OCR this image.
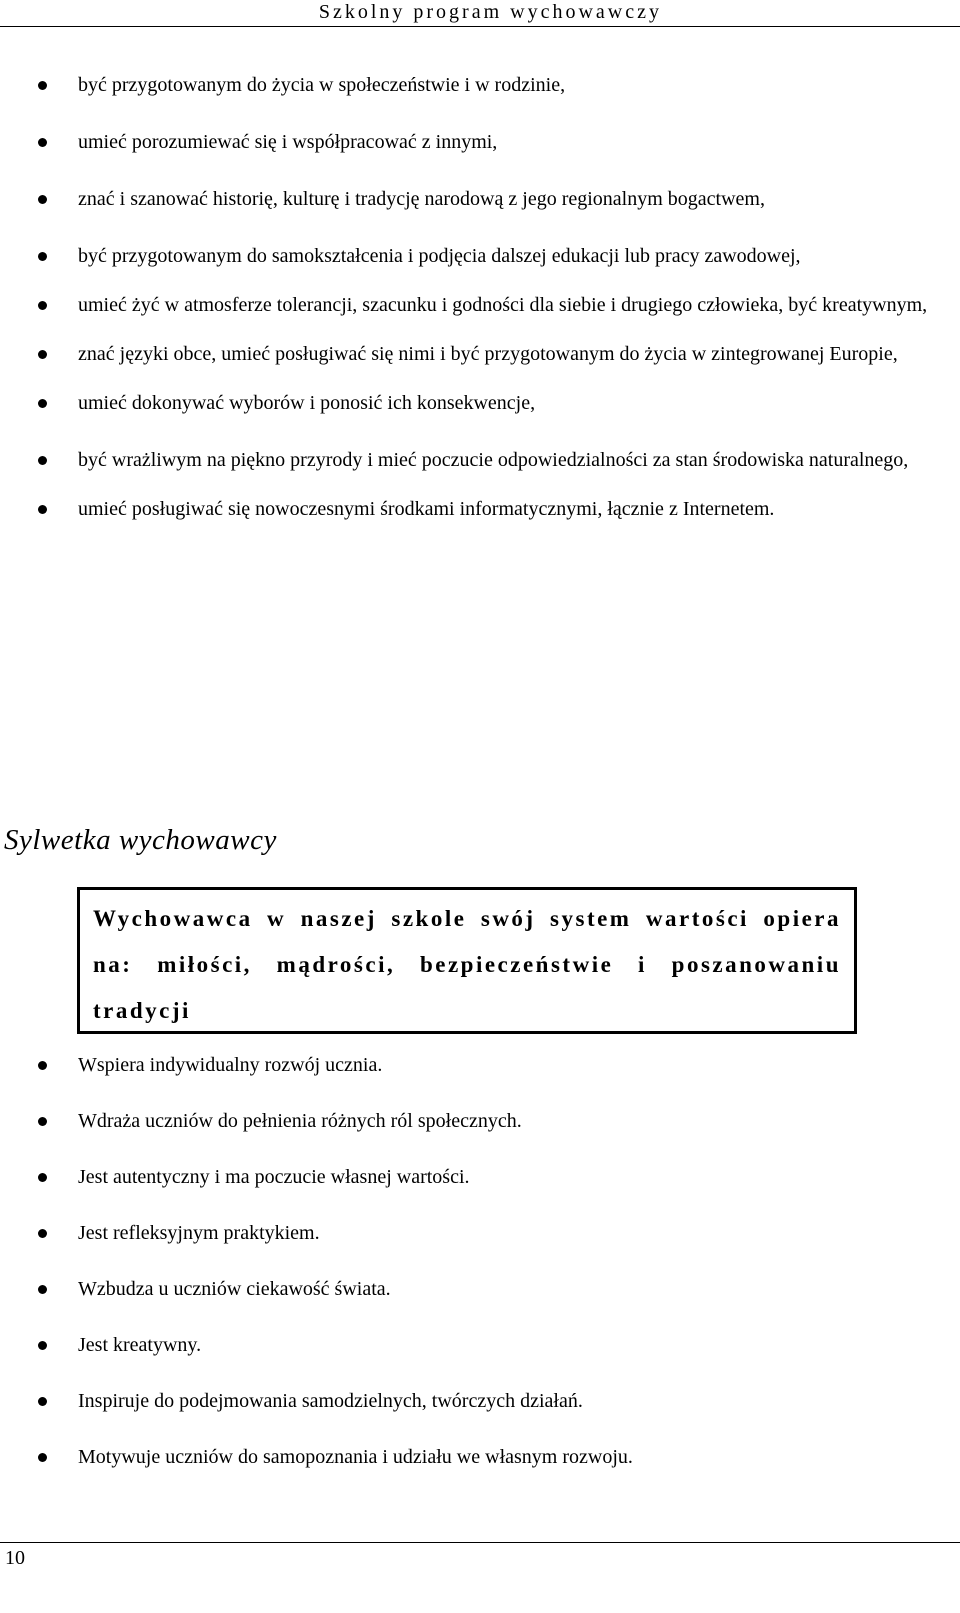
Szkolny program wychowawczy
być przygotowanym do życia w społeczeństwie i w rodzinie,
umieć porozumiewać się i współpracować z innymi,
znać i szanować historię, kulturę i tradycję narodową z jego regionalnym bogactwem,
być przygotowanym do samokształcenia i podjęcia dalszej edukacji lub pracy zawodowej,
umieć żyć w atmosferze tolerancji, szacunku i godności dla siebie i drugiego człowieka, być kreatywnym,
znać języki obce, umieć posługiwać się nimi i być przygotowanym do życia w zintegrowanej Europie,
umieć dokonywać wyborów i ponosić ich konsekwencje,
być wrażliwym na piękno przyrody i mieć poczucie odpowiedzialności za stan środowiska naturalnego,
umieć posługiwać się nowoczesnymi środkami informatycznymi, łącznie z Internetem.
Sylwetka wychowawcy
Wychowawca w naszej szkole swój system wartości opiera na: miłości, mądrości, bezpieczeństwie i poszanowaniu tradycji
Wspiera indywidualny rozwój ucznia.
Wdraża uczniów do pełnienia różnych ról społecznych.
Jest autentyczny i ma poczucie własnej wartości.
Jest refleksyjnym praktykiem.
Wzbudza u uczniów ciekawość świata.
Jest kreatywny.
Inspiruje do podejmowania samodzielnych, twórczych działań.
Motywuje uczniów do samopoznania i udziału we własnym rozwoju.
10
